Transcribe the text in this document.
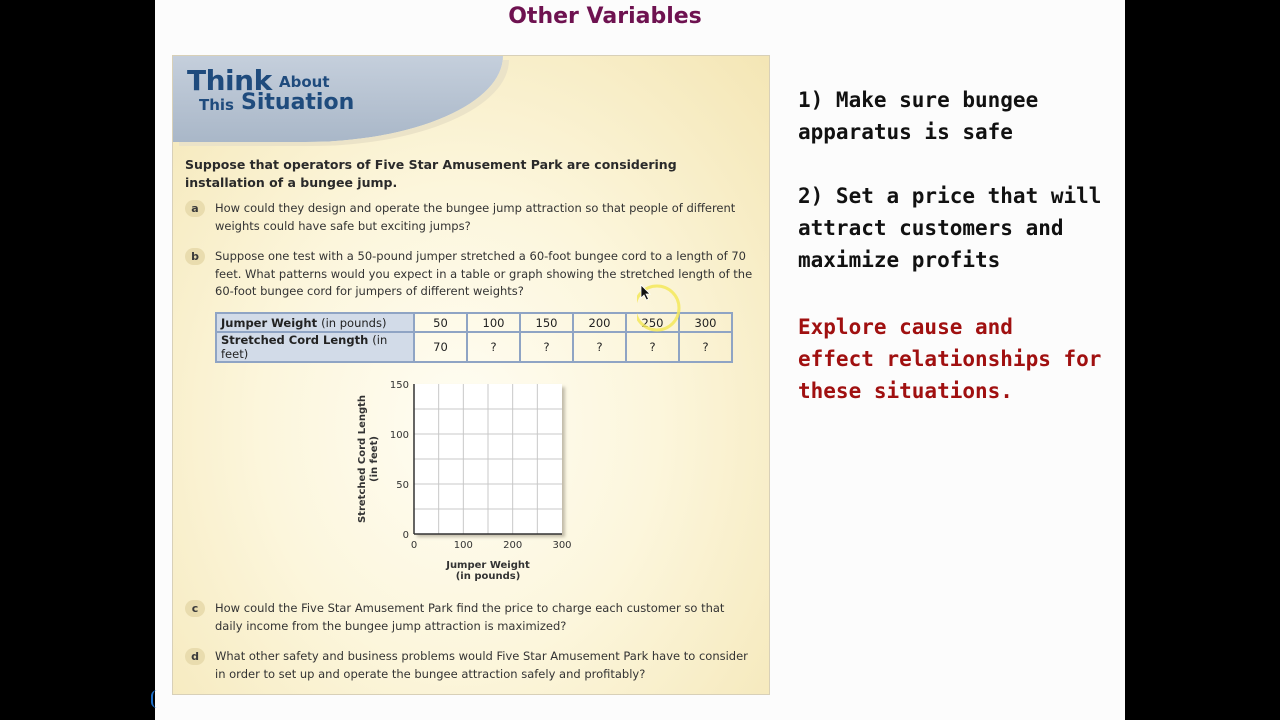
Other Variables
Think About
This Situation
Suppose that operators of Five Star Amusement Park are considering installation of a bungee jump.
a	How could they design and operate the bungee jump attraction so that people of different weights could have safe but exciting jumps?
b	Suppose one test with a 50-pound jumper stretched a 60-foot bungee cord to a length of 70 feet. What patterns would you expect in a table or graph showing the stretched length of the 60-foot bungee cord for jumpers of different weights?
Jumper Weight (in pounds)	50	100	150	200	250	300
Stretched Cord Length (in feet)	70	?	?	?	?	?
150
100
50
0
0	100	200	300
Stretched Cord Length (in feet)
Jumper Weight
(in pounds)
c	How could the Five Star Amusement Park find the price to charge each customer so that daily income from the bungee jump attraction is maximized?
d	What other safety and business problems would Five Star Amusement Park have to consider in order to set up and operate the bungee attraction safely and profitably?
1) Make sure bungee
apparatus is safe
2) Set a price that will
attract customers and
maximize profits
Explore cause and
effect relationships for
these situations.
